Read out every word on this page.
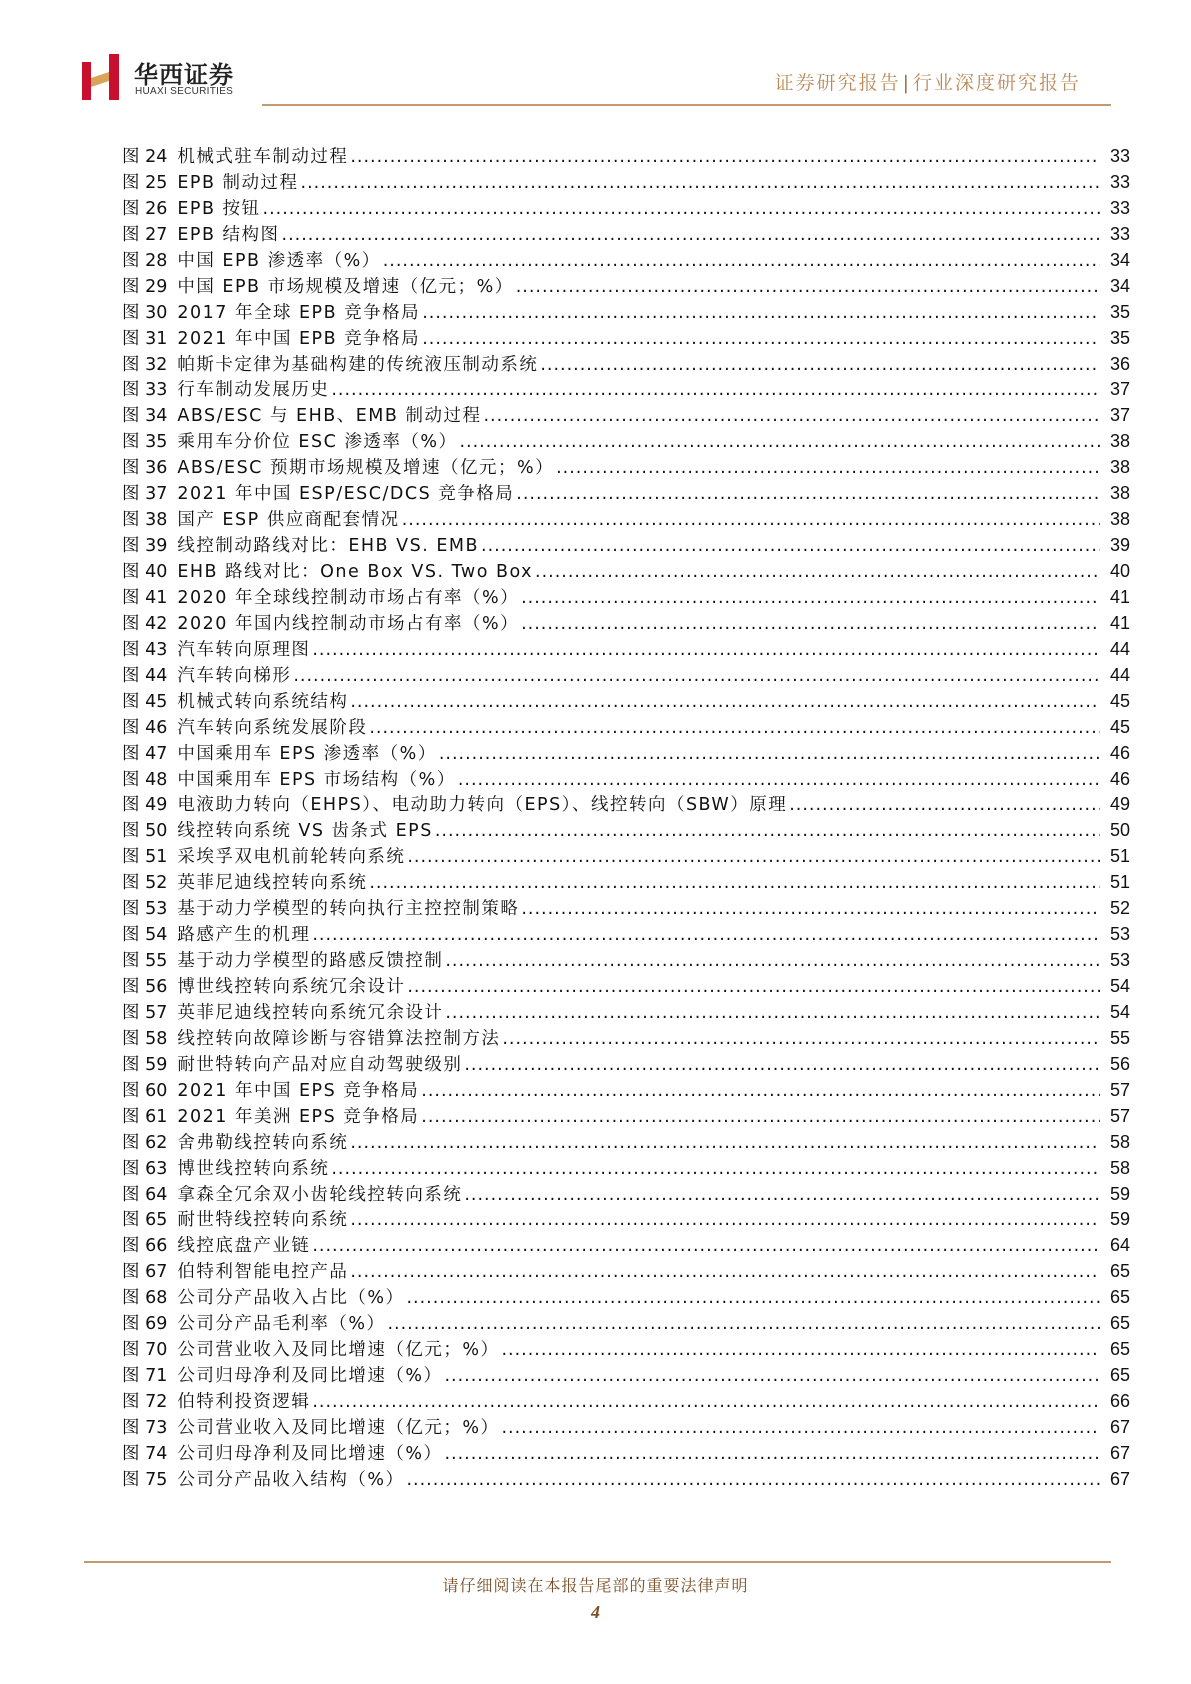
华西证券
HUAXI SECURITIES	证券研究报告 | 行业深度研究报告
图 24 机械式驻车制动过程 .....	33
图 25 EPB 制动过程 .....	33
图 26 EPB 按钮 .....	33
图 27 EPB 结构图 .....	33
图 28 中国 EPB 渗透率（%） .....	34
图 29 中国 EPB 市场规模及增速（亿元；%） .....	34
图 30 2017 年全球 EPB 竞争格局 .....	35
图 31 2021 年中国 EPB 竞争格局 .....	35
图 32 帕斯卡定律为基础构建的传统液压制动系统 .....	36
图 33 行车制动发展历史 .....	37
图 34 ABS/ESC 与 EHB、EMB 制动过程 .....	37
图 35 乘用车分价位 ESC 渗透率（%） .....	38
图 36 ABS/ESC 预期市场规模及增速（亿元；%） .....	38
图 37 2021 年中国 ESP/ESC/DCS 竞争格局 .....	38
图 38 国产 ESP 供应商配套情况 .....	38
图 39 线控制动路线对比：EHB VS. EMB .....	39
图 40 EHB 路线对比：One Box VS. Two Box .....	40
图 41 2020 年全球线控制动市场占有率（%） .....	41
图 42 2020 年国内线控制动市场占有率（%） .....	41
图 43 汽车转向原理图 .....	44
图 44 汽车转向梯形 .....	44
图 45 机械式转向系统结构 .....	45
图 46 汽车转向系统发展阶段 .....	45
图 47 中国乘用车 EPS 渗透率（%） .....	46
图 48 中国乘用车 EPS 市场结构（%） .....	46
图 49 电液助力转向（EHPS）、电动助力转向（EPS）、线控转向（SBW）原理 .....	49
图 50 线控转向系统 VS 齿条式 EPS .....	50
图 51 采埃孚双电机前轮转向系统 .....	51
图 52 英菲尼迪线控转向系统 .....	51
图 53 基于动力学模型的转向执行主控控制策略 .....	52
图 54 路感产生的机理 .....	53
图 55 基于动力学模型的路感反馈控制 .....	53
图 56 博世线控转向系统冗余设计 .....	54
图 57 英菲尼迪线控转向系统冗余设计 .....	54
图 58 线控转向故障诊断与容错算法控制方法 .....	55
图 59 耐世特转向产品对应自动驾驶级别 .....	56
图 60 2021 年中国 EPS 竞争格局 .....	57
图 61 2021 年美洲 EPS 竞争格局 .....	57
图 62 舍弗勒线控转向系统 .....	58
图 63 博世线控转向系统 .....	58
图 64 拿森全冗余双小齿轮线控转向系统 .....	59
图 65 耐世特线控转向系统 .....	59
图 66 线控底盘产业链 .....	64
图 67 伯特利智能电控产品 .....	65
图 68 公司分产品收入占比（%） .....	65
图 69 公司分产品毛利率（%） .....	65
图 70 公司营业收入及同比增速（亿元；%） .....	65
图 71 公司归母净利及同比增速（%） .....	65
图 72 伯特利投资逻辑 .....	66
图 73 公司营业收入及同比增速（亿元；%） .....	67
图 74 公司归母净利及同比增速（%） .....	67
图 75 公司分产品收入结构（%） .....	67
请仔细阅读在本报告尾部的重要法律声明
4
